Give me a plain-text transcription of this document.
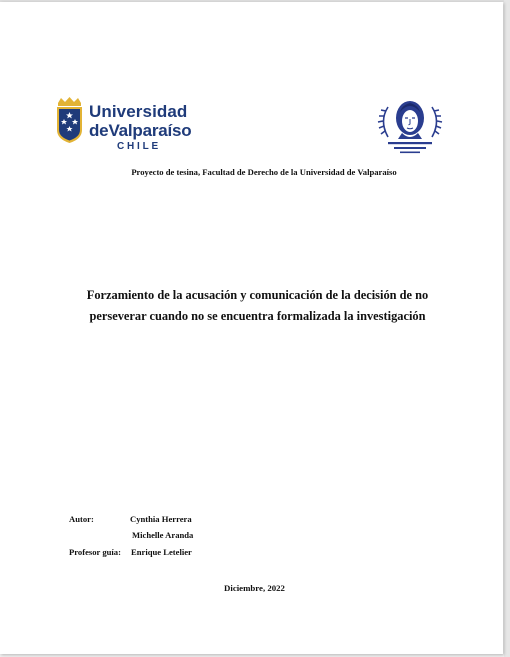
Universidad
deValparaíso
CHILE
Proyecto de tesina, Facultad de Derecho de la Universidad de Valparaíso
Forzamiento de la acusación y comunicación de la decisión de no
perseverar cuando no se encuentra formalizada la investigación
Autor:	Cynthia Herrera
Michelle Aranda
Profesor guía: Enrique Letelier
Diciembre, 2022
